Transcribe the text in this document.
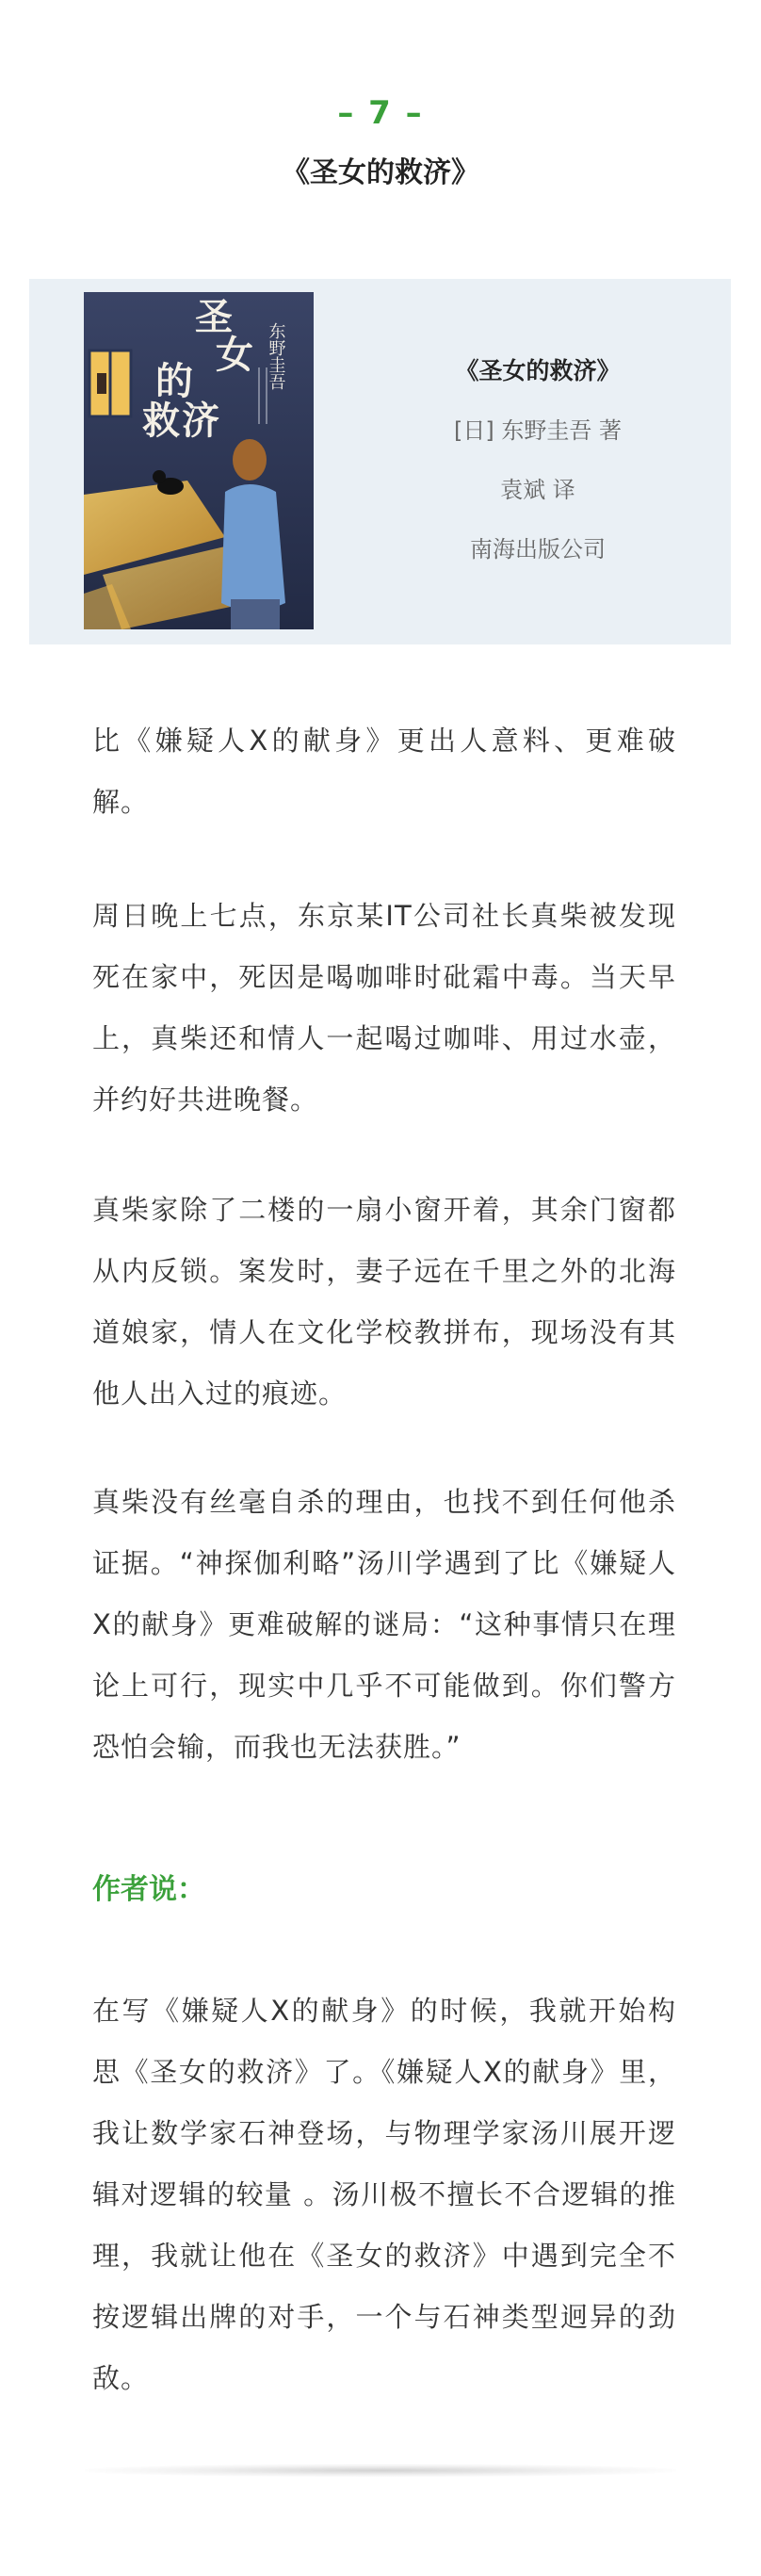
– 7 –
《圣女的救济》
圣
女
的
救 济
东野圭吾	《圣女的救济》
[日] 东野圭吾 著
袁斌 译
南海出版公司

比《嫌疑人X的献身》更出人意料、更难破解。

周日晚上七点，东京某IT公司社长真柴被发现死在家中，死因是喝咖啡时砒霜中毒。当天早上，真柴还和情人一起喝过咖啡、用过水壶，并约好共进晚餐。

真柴家除了二楼的一扇小窗开着，其余门窗都从内反锁。案发时，妻子远在千里之外的北海道娘家，情人在文化学校教拼布，现场没有其他人出入过的痕迹。

真柴没有丝毫自杀的理由，也找不到任何他杀证据。“神探伽利略”汤川学遇到了比《嫌疑人X的献身》更难破解的谜局：“这种事情只在理论上可行，现实中几乎不可能做到。你们警方恐怕会输，而我也无法获胜。”

作者说：

在写《嫌疑人X的献身》的时候，我就开始构思《圣女的救济》了。《嫌疑人X的献身》里，我让数学家石神登场，与物理学家汤川展开逻辑对逻辑的较量 。汤川极不擅长不合逻辑的推理，我就让他在《圣女的救济》中遇到完全不按逻辑出牌的对手，一个与石神类型迥异的劲敌。
